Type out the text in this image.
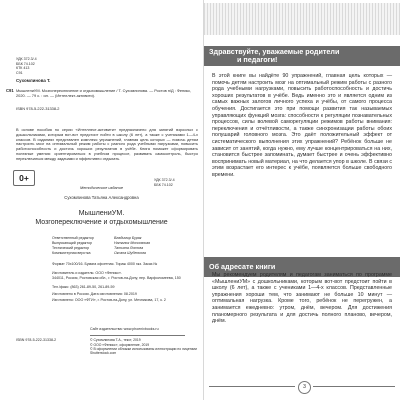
УДК 372.3/.4
ББК 74.102
КТК 413
С91
Сухомлинова Т.
С91 МышлениУМ. Мозгопереключение и отдыхомышление / Т. Сухомлинова. — Ростов н/Д : Феникс, 2020. — 79 с. : ил. — (Интеллект-активити).
ISBN 978-5-222-31338-2
В основе пособия по серии «Интеллект-активити» предназначено для занятий взрослых с дошкольниками, которым вот-вот предстоит пойти в школу (6 лет), а также с учениками 1—4-х классов. В изданиях представлен комплекс упражнений, главная цель которых — помочь детям настроить мозг на оптимальный режим работы с разного рода учебными нагрузками, повысить работоспособность и достичь хороших результатов в учёбе. Книга поможет сформировать полезные умения: ориентироваться в учебном процессе, развивать самоконтроль, быстро переключаться между задачами и эффективно отдыхать.
0+	УДК 372.3/.4
ББК 74.102
Методическое издание
Сухомлинова Татьяна Александровна
МышлениУМ.
Мозгопереключение и отдыхомышление
Ответственный редактор	Владимир Буряк
Выпускающий редактор	Наталья Московская
Технический редактор	Татьяна Лотова
Компьютерная верстка	Оксана Шубенкова
Формат 70x100/16. Бумага офсетная. Тираж 4000 экз. Заказ №
Изготовитель и издатель: ООО «Феникс».
344011, Россия, Ростовская обл., г. Ростов-на-Дону, пер. Варфоломеева, 150
Тел./факс: (863) 261-89-50, 261-89-59
Изготовлено в России. Дата изготовления: 08.2019
Изготовлено: ООО «ФТИ», г. Ростов-на-Дону, ул. Мечникова, 17, к. 2
Сайт издательства: www.phoenixbooks.ru
ISBN 978-5-222-31338-2	© Сухомлинова Т.А., текст, 2019
© ООО «Феникс», оформление, 2019
© В оформлении обложки использованы иллюстрации по лицензии Shutterstock.com
Здравствуйте, уважаемые родители
и педагоги!
В этой книге вы найдёте 90 упражнений, главная цель которых — помочь детям настроить мозг на оптимальный режим работы с разного рода учебными нагрузками, повысить работоспособность и достичь хороших результатов в учёбе. Ведь именно это и является одним из самых важных залогов личного успеха и учёбы, от самого процесса обучения. Достигается это при помощи развития так называемых управляющих функций мозга: способности к регуляции познавательных процессов, силы волевой саморегуляции режимов работы внимания: переключения и отчётливости, а также синхронизации работы обоих полушарий головного мозга. Это даёт положительный эффект от систематического выполнения этих упражнений? Ребёнок больше не зависит от занятий, когда нужно, ему лучше концентрироваться на них, становится быстрее запоминать, думает быстрее и очень эффективно воспринимать новый материал, на что делается упор в школе. В связи с этим возрастает его интерес к учёбе, появляется больше свободного времени.
Об адресате книги
Мы рекомендуем родителям и педагогам заниматься по программе «МышлениУМ» с дошкольниками, которым вот-вот предстоит пойти в школу (6 лет), а также с учениками 1—4-х классов. Представленные упражнения хороши тем, что занимают не больше 10 минут — оптимальная нагрузка. Кроме того, ребёнок не перегружен, а занимается ежедневно: утром, днём, вечером. Для достижения планомерного результата и для достичь полного планово, вечером, днём.
3
